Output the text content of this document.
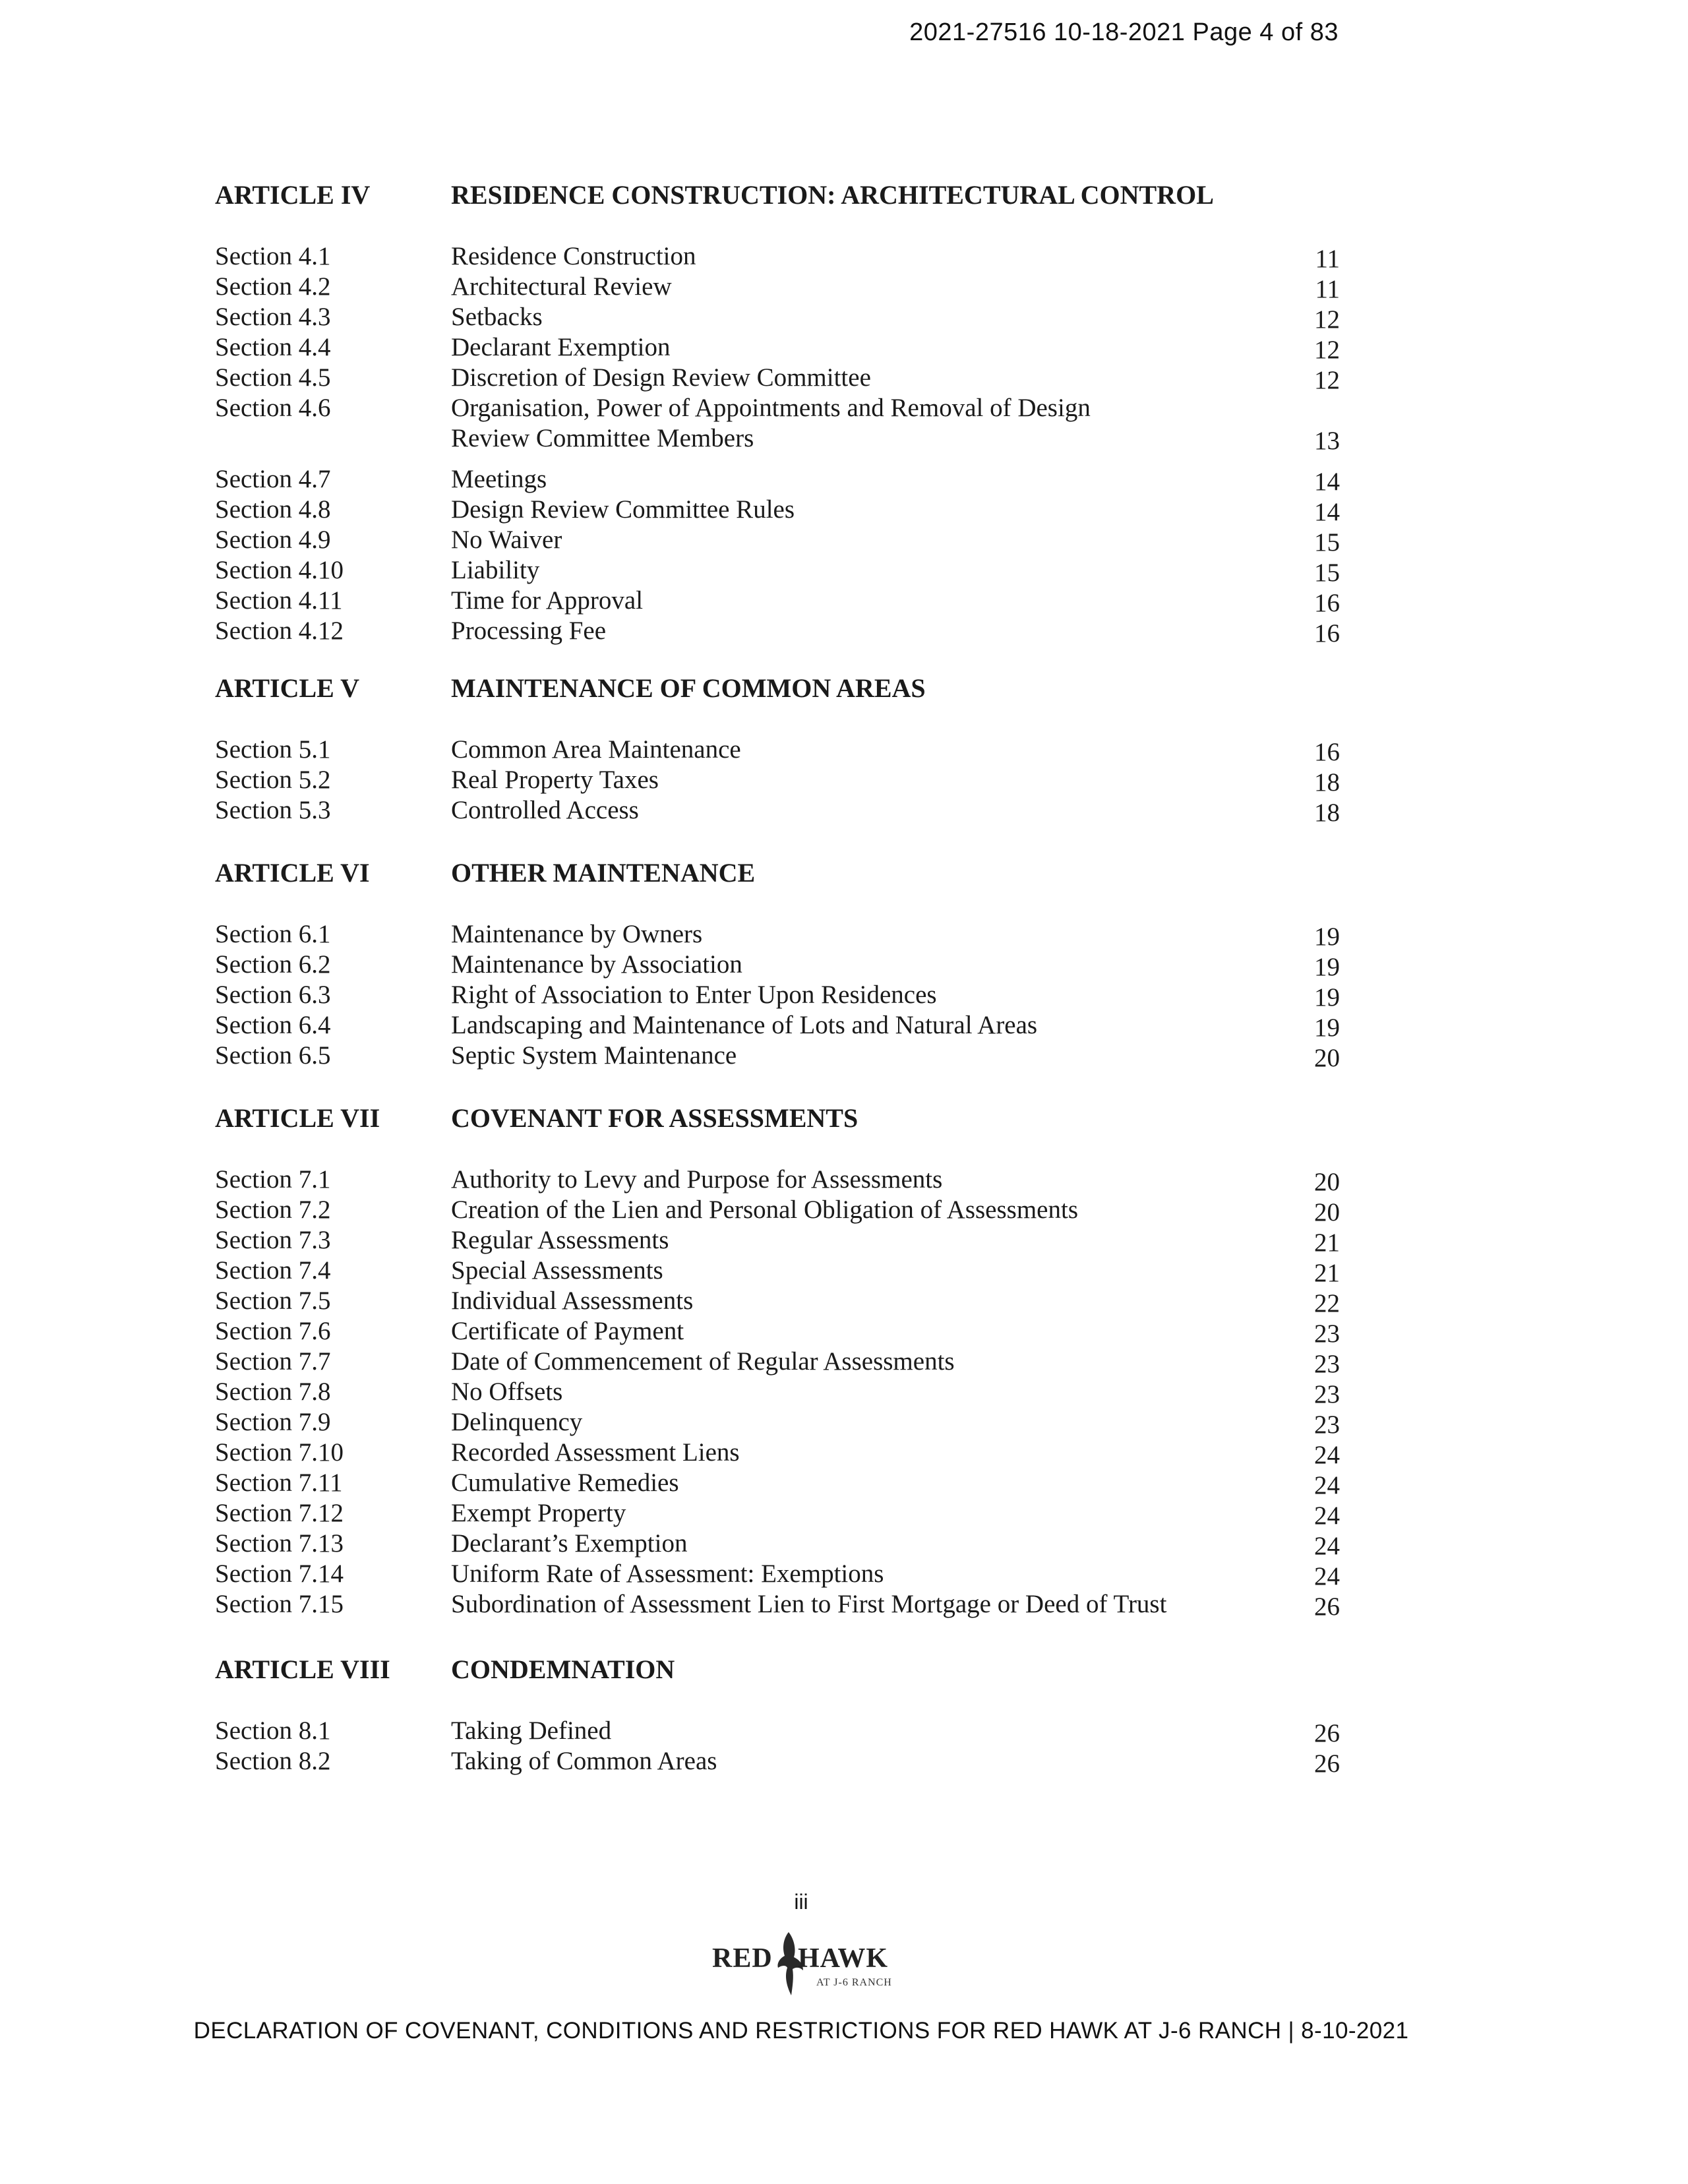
2021-27516 10-18-2021 Page 4 of 83
ARTICLE IV	RESIDENCE CONSTRUCTION: ARCHITECTURAL CONTROL
Section 4.1	Residence Construction	11
Section 4.2	Architectural Review	11
Section 4.3	Setbacks	12
Section 4.4	Declarant Exemption	12
Section 4.5	Discretion of Design Review Committee	12
Section 4.6	Organisation, Power of Appointments and Removal of Design
Review Committee Members	13
Section 4.7	Meetings	14
Section 4.8	Design Review Committee Rules	14
Section 4.9	No Waiver	15
Section 4.10	Liability	15
Section 4.11	Time for Approval	16
Section 4.12	Processing Fee	16
ARTICLE V	MAINTENANCE OF COMMON AREAS
Section 5.1	Common Area Maintenance	16
Section 5.2	Real Property Taxes	18
Section 5.3	Controlled Access	18
ARTICLE VI	OTHER MAINTENANCE
Section 6.1	Maintenance by Owners	19
Section 6.2	Maintenance by Association	19
Section 6.3	Right of Association to Enter Upon Residences	19
Section 6.4	Landscaping and Maintenance of Lots and Natural Areas	19
Section 6.5	Septic System Maintenance	20
ARTICLE VII	COVENANT FOR ASSESSMENTS
Section 7.1	Authority to Levy and Purpose for Assessments	20
Section 7.2	Creation of the Lien and Personal Obligation of Assessments	20
Section 7.3	Regular Assessments	21
Section 7.4	Special Assessments	21
Section 7.5	Individual Assessments	22
Section 7.6	Certificate of Payment	23
Section 7.7	Date of Commencement of Regular Assessments	23
Section 7.8	No Offsets	23
Section 7.9	Delinquency	23
Section 7.10	Recorded Assessment Liens	24
Section 7.11	Cumulative Remedies	24
Section 7.12	Exempt Property	24
Section 7.13	Declarant’s Exemption	24
Section 7.14	Uniform Rate of Assessment: Exemptions	24
Section 7.15	Subordination of Assessment Lien to First Mortgage or Deed of Trust	26
ARTICLE VIII CONDEMNATION
Section 8.1	Taking Defined	26
Section 8.2	Taking of Common Areas	26
iii
RED HAWK
AT J-6 RANCH
DECLARATION OF COVENANT, CONDITIONS AND RESTRICTIONS FOR RED HAWK AT J-6 RANCH | 8-10-2021
